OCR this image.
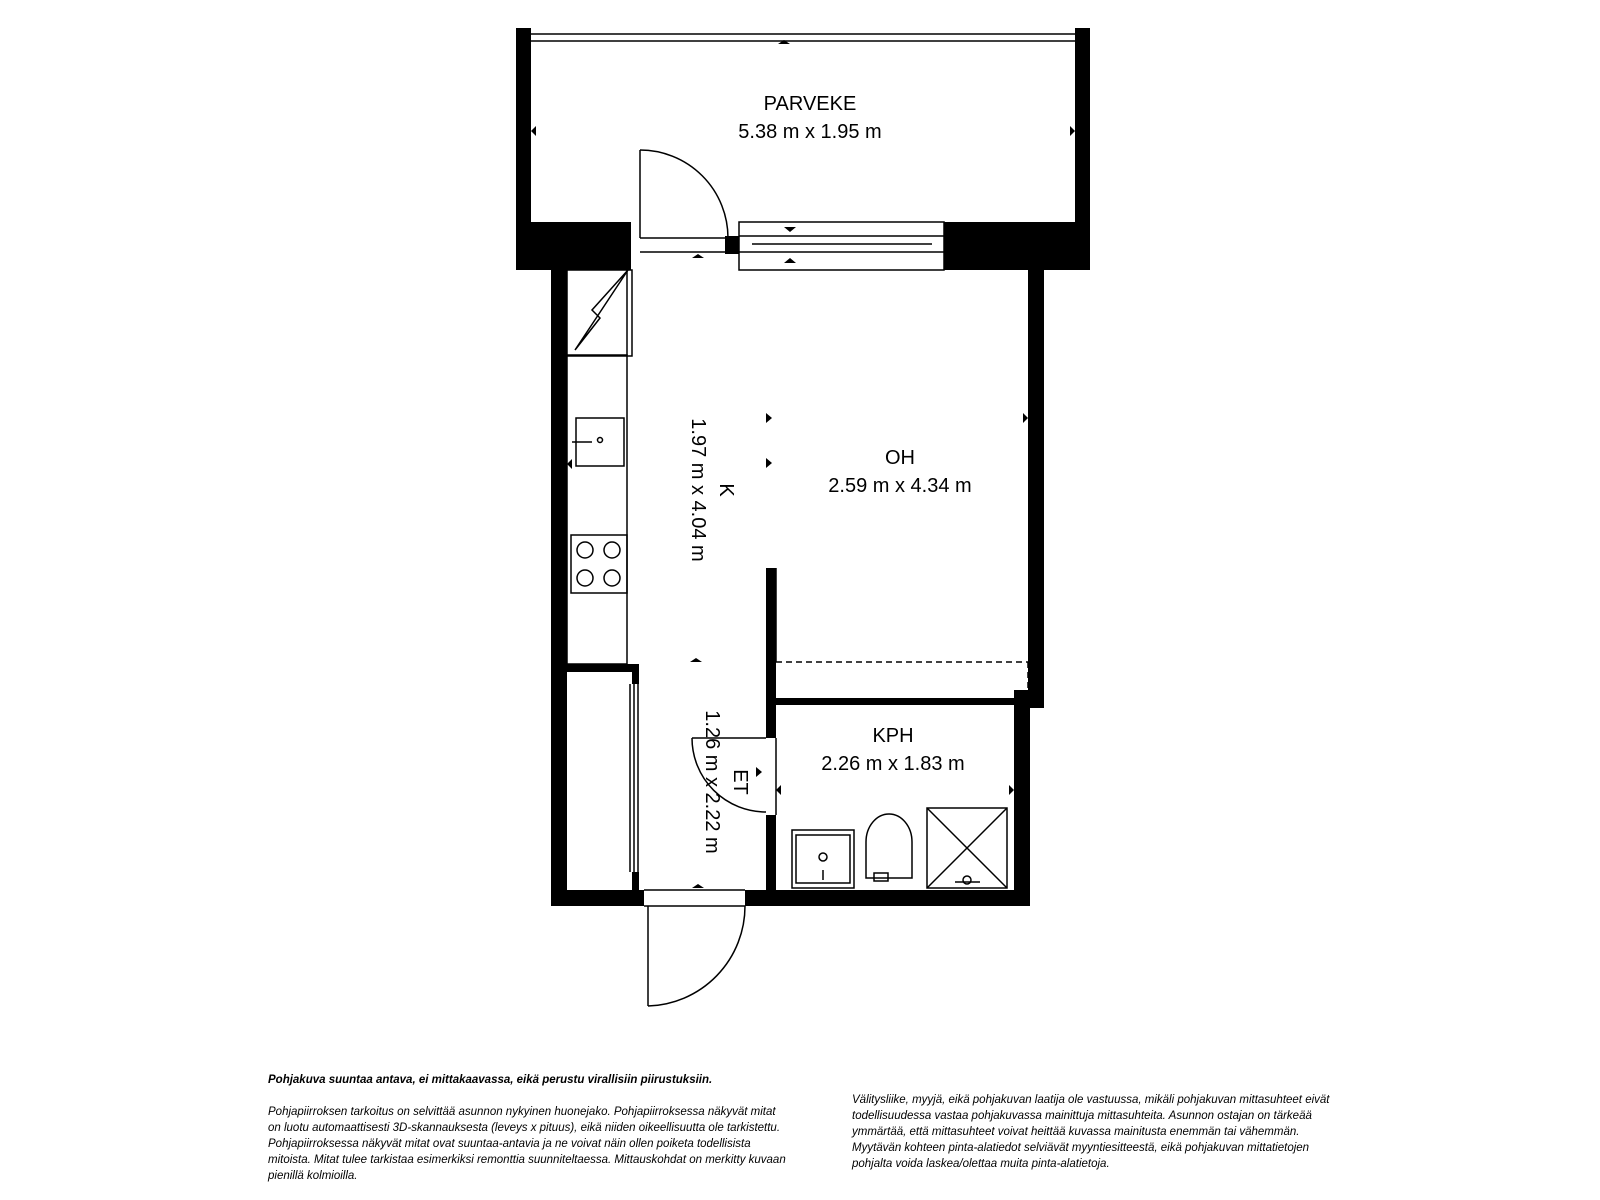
PARVEKE
5.38 m x 1.95 m
OH
2.59 m x 4.34 m
K
1.97 m x 4.04 m
ET
1.26 m x 2.22 m	KPH
2.26 m x 1.83 m

Pohjakuva suuntaa antava, ei mittakaavassa, eikä perustu virallisiin piirustuksiin.

Pohjapiirroksen tarkoitus on selvittää asunnon nykyinen huonejako. Pohjapiirroksessa näkyvät mitat on luotu automaattisesti 3D-skannauksesta (leveys x pituus), eikä niiden oikeellisuutta ole tarkistettu. Pohjapiirroksessa näkyvät mitat ovat suuntaa-antavia ja ne voivat näin ollen poiketa todellisista mitoista. Mitat tulee tarkistaa esimerkiksi remonttia suunniteltaessa. Mittauskohdat on merkitty kuvaan pienillä kolmioilla.

Välitysliike, myyjä, eikä pohjakuvan laatija ole vastuussa, mikäli pohjakuvan mittasuhteet eivät todellisuudessa vastaa pohjakuvassa mainittuja mittasuhteita. Asunnon ostajan on tärkeää ymmärtää, että mittasuhteet voivat heittää kuvassa mainitusta enemmän tai vähemmän. Myytävän kohteen pinta-alatiedot selviävät myyntiesitteestä, eikä pohjakuvan mittatietojen pohjalta voida laskea/olettaa muita pinta-alatietoja.
